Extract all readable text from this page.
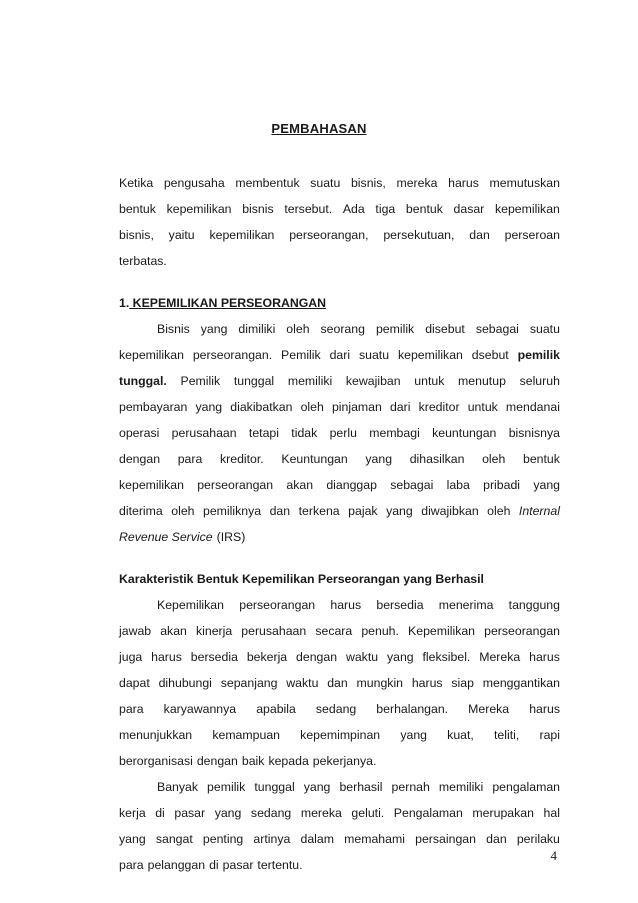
PEMBAHASAN
Ketika pengusaha membentuk suatu bisnis, mereka harus memutuskan
bentuk kepemilikan bisnis tersebut. Ada tiga bentuk dasar kepemilikan
bisnis, yaitu kepemilikan perseorangan, persekutuan, dan perseroan
terbatas.
1. KEPEMILIKAN PERSEORANGAN
Bisnis yang dimiliki oleh seorang pemilik disebut sebagai suatu
kepemilikan perseorangan. Pemilik dari suatu kepemilikan dsebut pemilik
tunggal. Pemilik tunggal memiliki kewajiban untuk menutup seluruh
pembayaran yang diakibatkan oleh pinjaman dari kreditor untuk mendanai
operasi perusahaan tetapi tidak perlu membagi keuntungan bisnisnya
dengan para kreditor. Keuntungan yang dihasilkan oleh bentuk
kepemilikan perseorangan akan dianggap sebagai laba pribadi yang
diterima oleh pemiliknya dan terkena pajak yang diwajibkan oleh Internal
Revenue Service (IRS)
Karakteristik Bentuk Kepemilikan Perseorangan yang Berhasil
Kepemilikan perseorangan harus bersedia menerima tanggung
jawab akan kinerja perusahaan secara penuh. Kepemilikan perseorangan
juga harus bersedia bekerja dengan waktu yang fleksibel. Mereka harus
dapat dihubungi sepanjang waktu dan mungkin harus siap menggantikan
para karyawannya apabila sedang berhalangan. Mereka harus
menunjukkan kemampuan kepemimpinan yang kuat, teliti, rapi
berorganisasi dengan baik kepada pekerjanya.
Banyak pemilik tunggal yang berhasil pernah memiliki pengalaman
kerja di pasar yang sedang mereka geluti. Pengalaman merupakan hal
yang sangat penting artinya dalam memahami persaingan dan perilaku
para pelanggan di pasar tertentu.
4
